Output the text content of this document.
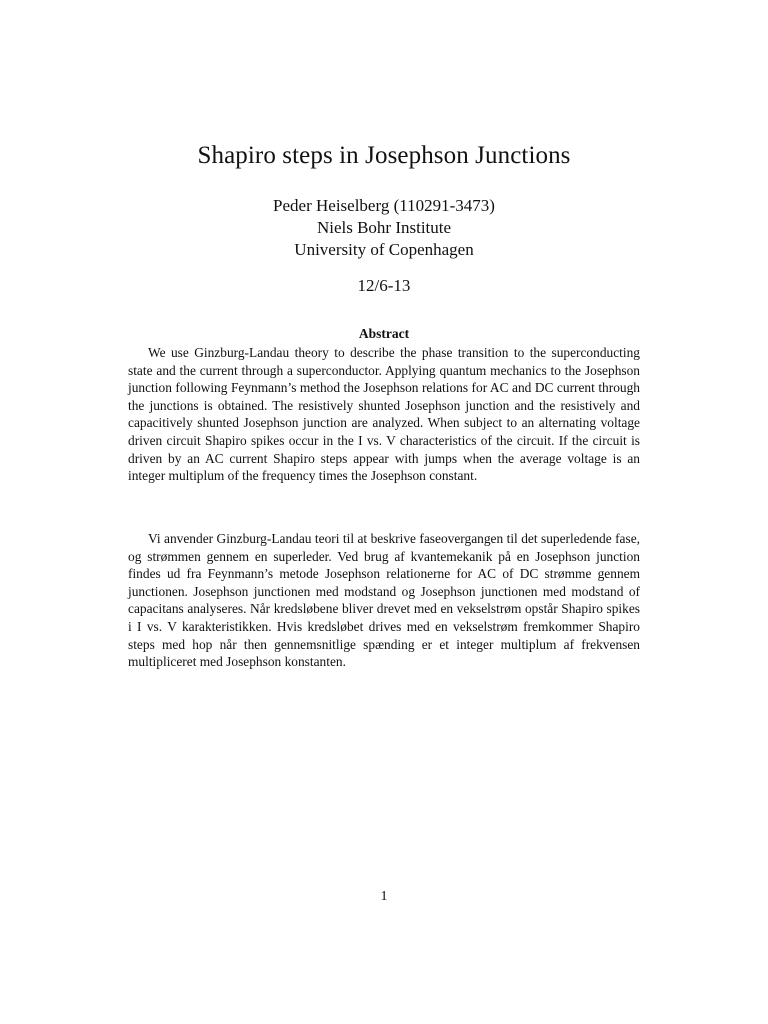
Shapiro steps in Josephson Junctions
Peder Heiselberg (110291-3473)
Niels Bohr Institute
University of Copenhagen
12/6-13
Abstract

We use Ginzburg-Landau theory to describe the phase transition to the superconducting state and the current through a superconductor. Applying quantum mechanics to the Josephson junction following Feynmann’s method the Josephson relations for AC and DC current through the junctions is obtained. The resistively shunted Josephson junction and the resistively and capacitively shunted Josephson junction are analyzed. When subject to an alternating voltage driven circuit Shapiro spikes occur in the I vs. V characteristics of the circuit. If the circuit is driven by an AC current Shapiro steps appear with jumps when the average voltage is an integer multiplum of the frequency times the Josephson constant.

Vi anvender Ginzburg-Landau teori til at beskrive faseovergangen til det superledende fase, og strømmen gennem en superleder. Ved brug af kvantemekanik på en Josephson junction findes ud fra Feynmann’s metode Josephson relationerne for AC of DC strømme gennem junctionen. Josephson junctionen med modstand og Josephson junctionen med modstand of capacitans analyseres. Når kredsløbene bliver drevet med en vekselstrøm opstår Shapiro spikes i I vs. V karakteristikken. Hvis kredsløbet drives med en vekselstrøm fremkommer Shapiro steps med hop når then gennemsnitlige spænding er et integer multiplum af frekvensen multipliceret med Josephson konstanten.

1
